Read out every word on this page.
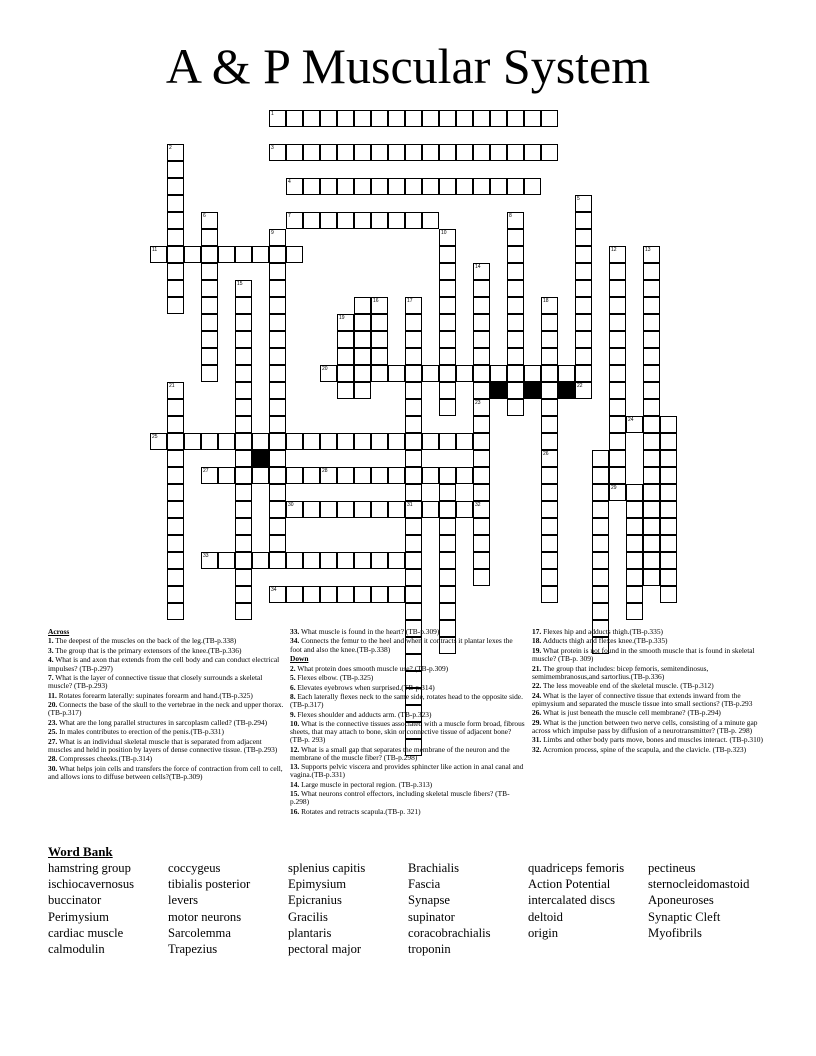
A & P Muscular System
1
3
4
7
11
20
25
27	28
30	31	32
33
34
2
6
5
8
9	10
12
29
13
14
23
15
16	17
19
18
26
21	22
24
Across
1. The deepest of the muscles on the back of the leg.(TB-p.338)
3. The group that is the primary extensors of the knee.(TB-p.336)
4. What is and axon that extends from the cell body and can conduct electrical impulses? (TB-p.297)
7. What is the layer of connective tissue that closely surrounds a skeletal muscle? (TB-p.293)
11. Rotates forearm laterally: supinates forearm and hand.(TB-p.325)
20. Connects the base of the skull to the vertebrae in the neck and upper thorax.(TB-p.317)
23. What are the long parallel structures in sarcoplasm called? (TB-p.294)
25. In males contributes to erection of the penis.(TB-p.331)
27. What is an individual skeletal muscle that is separated from adjacent muscles and held in position by layers of dense connective tissue. (TB-p.293)
28. Compresses cheeks.(TB-p.314)
30. What helps join cells and transfers the force of contraction from cell to cell, and allows ions to diffuse between cells?(TB-p.309)
33. What muscle is found in the heart? (TB-p.309)
34. Connects the femur to the heel and when it contracts it plantar lexes the foot and also the knee.(TB-p.338)
Down
2. What protein does smooth muscle use? (TB-p.309)
5. Flexes elbow. (TB-p.325)
6. Elevates eyebrows when surprised.(TB-p.314)
8. Each laterally flexes neck to the same side, rotates head to the opposite side.(TB-p.317)
9. Flexes shoulder and adducts arm. (TB-p.323)
10. What is the connective tissues associated with a muscle form broad, fibrous sheets, that may attach to bone, skin or connective tissue of adjacent bone? (TB-p. 293)
12. What is a small gap that separates the membrane of the neuron and the membrane of the muscle fiber? (TB-p.298)
13. Supports pelvic viscera and provides sphincter like action in anal canal and vagina.(TB-p.331)
14. Large muscle in pectoral region. (TB-p.313)
15. What neurons control effectors, including skeletal muscle fibers? (TB-p.298)
16. Rotates and retracts scapula.(TB-p. 321)
17. Flexes hip and adducts thigh.(TB-p.335)
18. Adducts thigh and flexes knee.(TB-p.335)
19. What protein is not found in the smooth muscle that is found in skeletal muscle? (TB-p. 309)
21. The group that includes: bicep femoris, semitendinosus, semimembranosus,and sartorlius.(TB-p.336)
22. The less moveable end of the skeletal muscle. (TB-p.312)
24. What is the layer of connective tissue that extends inward from the epimysium and separated the muscle tissue into small sections? (TB-p.293
26. What is just beneath the muscle cell membrane? (TB-p.294)
29. What is the junction between two nerve cells, consisting of a minute gap across which impulse pass by diffusion of a neurotransmitter? (TB-p. 298)
31. Limbs and other body parts move, bones and muscles interact. (TB-p.310)
32. Acromion process, spine of the scapula, and the clavicle. (TB-p.323)
Word Bank
hamstring group
ischiocavernosus
buccinator
Perimysium
cardiac muscle
calmodulin
coccygeus
tibialis posterior
levers
motor neurons
Sarcolemma
Trapezius
splenius capitis
Epimysium
Epicranius
Gracilis
plantaris
pectoral major
Brachialis
Fascia
Synapse
supinator
coracobrachialis
troponin
quadriceps femoris
Action Potential
intercalated discs
deltoid
origin
pectineus
sternocleidomastoid
Aponeuroses
Synaptic Cleft
Myofibrils
